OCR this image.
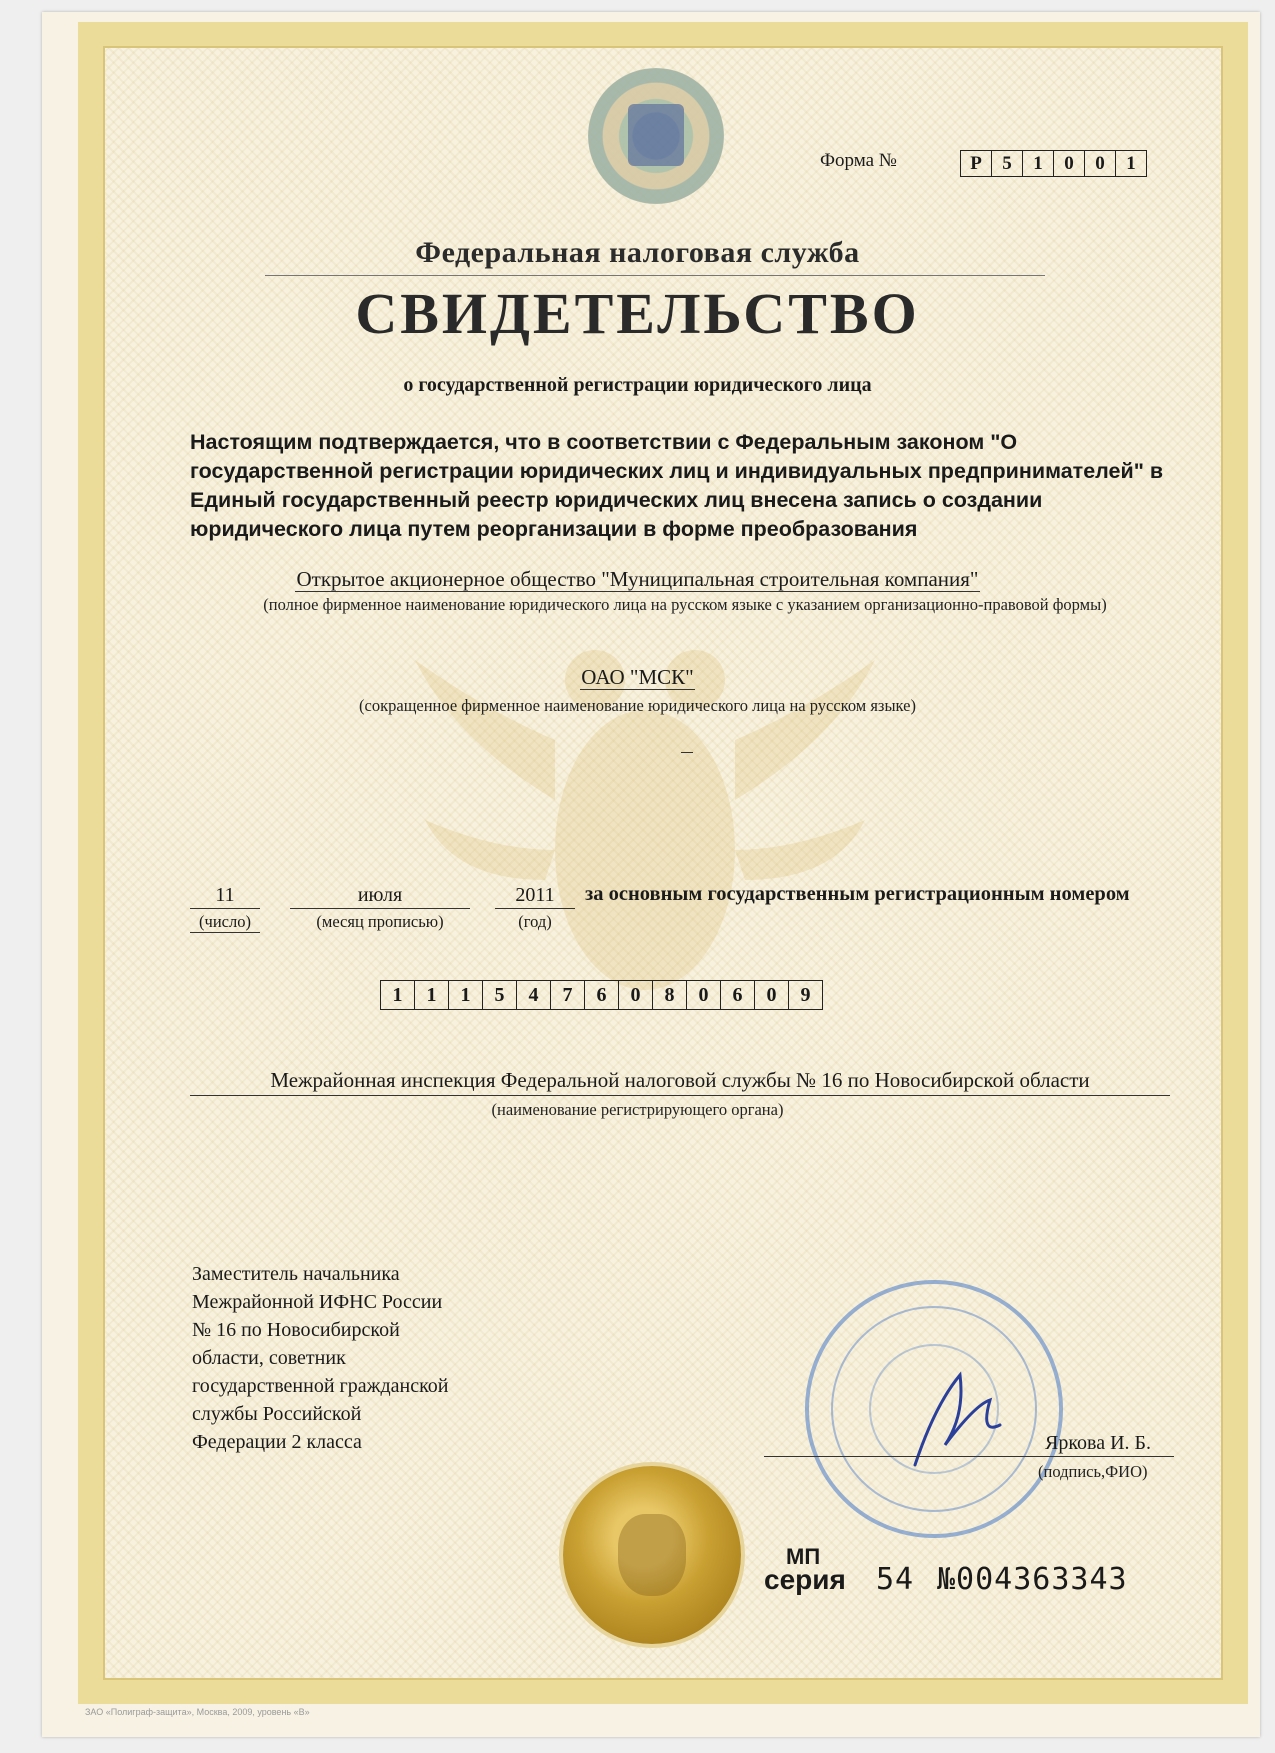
Форма №	Р	5	1	0	0	1
Федеральная налоговая служба
СВИДЕТЕЛЬСТВО
о государственной регистрации юридического лица
Настоящим подтверждается, что в соответствии с Федеральным законом "О государственной регистрации юридических лиц и индивидуальных предпринимателей" в Единый государственный реестр юридических лиц внесена запись о создании юридического лица путем реорганизации в форме преобразования
Открытое акционерное общество "Муниципальная строительная компания"
(полное фирменное наименование юридического лица на русском языке с указанием организационно-правовой формы)
ОАО "МСК"
(сокращенное фирменное наименование юридического лица на русском языке)
11
(число)
июля
(месяц прописью)
2011
(год)
за основным государственным регистрационным номером
1	1	1	5	4	7	6	0	8	0	6	0	9
Межрайонная инспекция Федеральной налоговой службы № 16 по Новосибирской области
(наименование регистрирующего органа)
Заместитель начальника
Межрайонной ИФНС России
№ 16 по Новосибирской
области, советник
государственной гражданской
службы Российской
Федерации 2 класса	Яркова И. Б.
(подпись,ФИО)
МП
серия 54 №004363343
ЗАО «Полиграф-защита», Москва, 2009, уровень «В»
